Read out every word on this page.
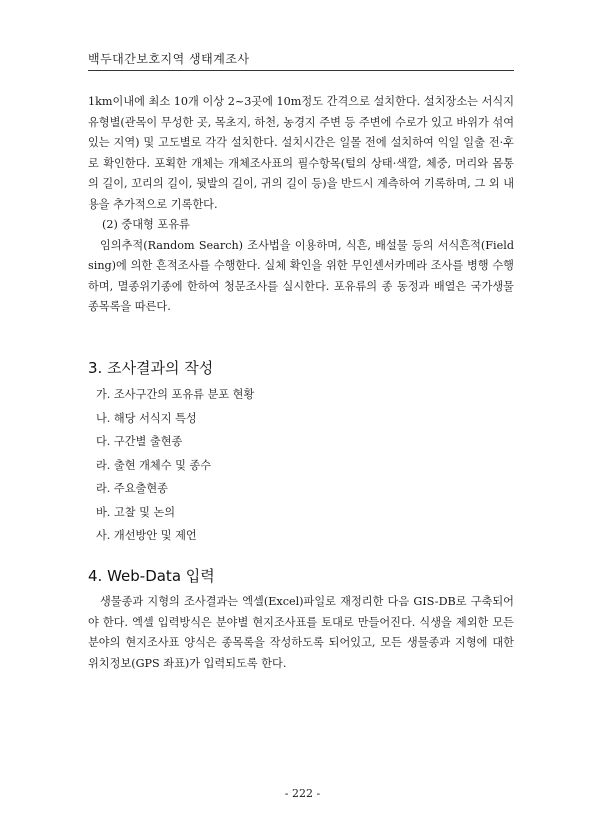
백두대간보호지역 생태계조사

1km이내에 최소 10개 이상 2~3곳에 10m정도 간격으로 설치한다. 설치장소는 서식지유형별(관목이 무성한 곳, 목초지, 하천, 농경지 주변 등 주변에 수로가 있고 바위가 섞여 있는 지역) 및 고도별로 각각 설치한다. 설치시간은 일몰 전에 설치하여 익일 일출 전·후로 확인한다. 포획한 개체는 개체조사표의 필수항목(털의 상태·색깔, 체중, 머리와 몸통의 길이, 꼬리의 길이, 뒷발의 길이, 귀의 길이 등)을 반드시 계측하여 기록하며, 그 외 내용을 추가적으로 기록한다.

(2) 중대형 포유류

임의추적(Random Search) 조사법을 이용하며, 식흔, 배설물 등의 서식흔적(Field sing)에 의한 흔적조사를 수행한다. 실체 확인을 위한 무인센서카메라 조사를 병행 수행하며, 멸종위기종에 한하여 청문조사를 실시한다. 포유류의 종 동정과 배열은 국가생물종목록을 따른다.

3. 조사결과의 작성
가. 조사구간의 포유류 분포 현황
나. 해당 서식지 특성
다. 구간별 출현종
라. 출현 개체수 및 종수
라. 주요출현종
바. 고찰 및 논의
사. 개선방안 및 제언
4. Web-Data 입력

생물종과 지형의 조사결과는 엑셀(Excel)파일로 재정리한 다음 GIS-DB로 구축되어야 한다. 엑셀 입력방식은 분야별 현지조사표를 토대로 만들어진다. 식생을 제외한 모든 분야의 현지조사표 양식은 종목록을 작성하도록 되어있고, 모든 생물종과 지형에 대한 위치정보(GPS 좌표)가 입력되도록 한다.

- 222 -
